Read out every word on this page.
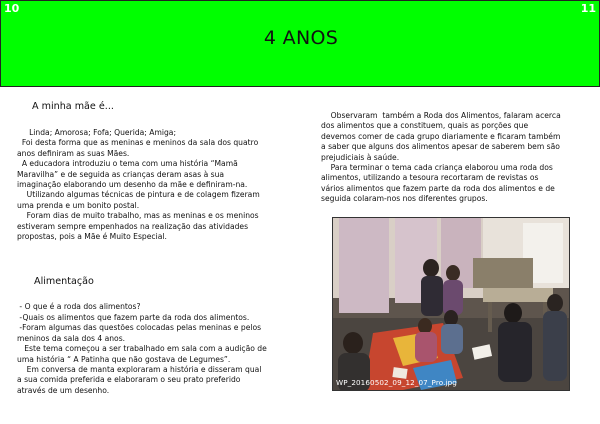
10	11
4 ANOS
A minha mãe é...

Linda; Amorosa; Fofa; Querida; Amiga;

Foi desta forma que as meninas e meninos da sala dos quatro

anos definiram as suas Mães.

A educadora introduziu o tema com uma história “Mamã

Maravilha” e de seguida as crianças deram asas à sua

imaginação elaborando um desenho da mãe e definiram-na.

Utilizando algumas técnicas de pintura e de colagem fizeram

uma prenda e um bonito postal.

Foram dias de muito trabalho, mas as meninas e os meninos

estiveram sempre empenhados na realização das atividades

propostas, pois a Mãe é Muito Especial.

Alimentação

- O que é a roda dos alimentos?

-Quais os alimentos que fazem parte da roda dos alimentos.

-Foram algumas das questões colocadas pelas meninas e pelos

meninos da sala dos 4 anos.

Este tema começou a ser trabalhado em sala com a audição de

uma história “ A Patinha que não gostava de Legumes”.

Em conversa de manta exploraram a história e disseram qual

a sua comida preferida e elaboraram o seu prato preferido

através de um desenho.

Observaram  também a Roda dos Alimentos, falaram acerca

dos alimentos que a constituem, quais as porções que

devemos comer de cada grupo diariamente e ficaram também

a saber que alguns dos alimentos apesar de saberem bem são

prejudiciais à saúde.

Para terminar o tema cada criança elaborou uma roda dos

alimentos, utilizando a tesoura recortaram de revistas os

vários alimentos que fazem parte da roda dos alimentos e de

seguida colaram-nos nos diferentes grupos.

WP_20160502_09_12_07_Pro.jpg
